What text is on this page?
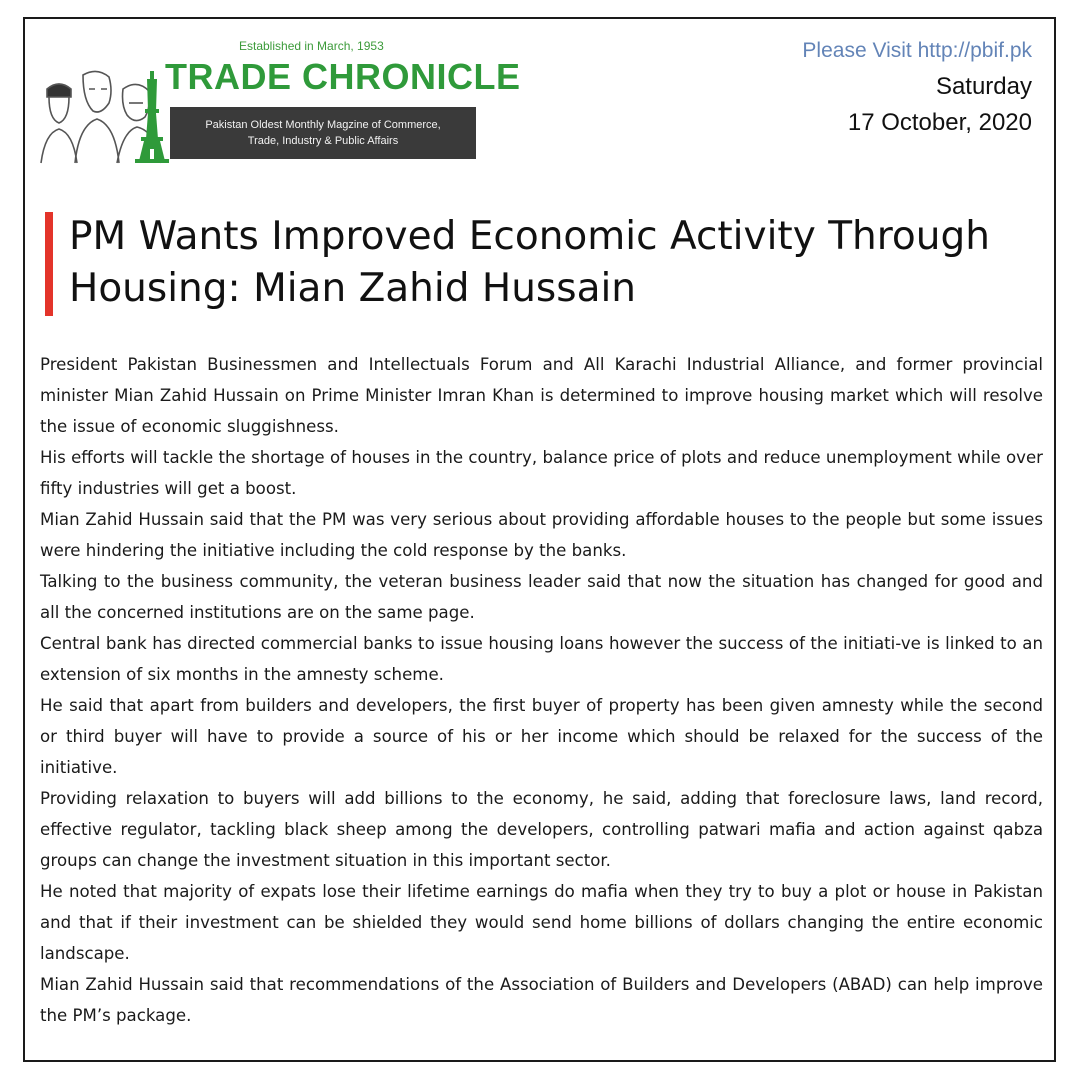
Established in March, 1953
TRADE CHRONICLE
Pakistan Oldest Monthly Magzine of Commerce,
Trade, Industry & Public Affairs
Please Visit http://pbif.pk
Saturday
17 October, 2020
PM Wants Improved Economic Activity Through Housing: Mian Zahid Hussain

President Pakistan Businessmen and Intellectuals Forum and All Karachi Industrial Alliance, and former provincial minister Mian Zahid Hussain on Prime Minister Imran Khan is determined to improve housing market which will resolve the issue of economic sluggishness.

His efforts will tackle the shortage of houses in the country, balance price of plots and reduce unemployment while over fifty industries will get a boost.

Mian Zahid Hussain said that the PM was very serious about providing affordable houses to the people but some issues were hindering the initiative including the cold response by the banks.

Talking to the business community, the veteran business leader said that now the situation has changed for good and all the concerned institutions are on the same page.

Central bank has directed commercial banks to issue housing loans however the success of the initiati-ve is linked to an extension of six months in the amnesty scheme.

He said that apart from builders and developers, the first buyer of property has been given amnesty while the second or third buyer will have to provide a source of his or her income which should be relaxed for the success of the initiative.

Providing relaxation to buyers will add billions to the economy, he said, adding that foreclosure laws, land record, effective regulator, tackling black sheep among the developers, controlling patwari mafia and action against qabza groups can change the investment situation in this important sector.

He noted that majority of expats lose their lifetime earnings do mafia when they try to buy a plot or house in Pakistan and that if their investment can be shielded they would send home billions of dollars changing the entire economic landscape.

Mian Zahid Hussain said that recommendations of the Association of Builders and Developers (ABAD) can help improve the PM’s package.
